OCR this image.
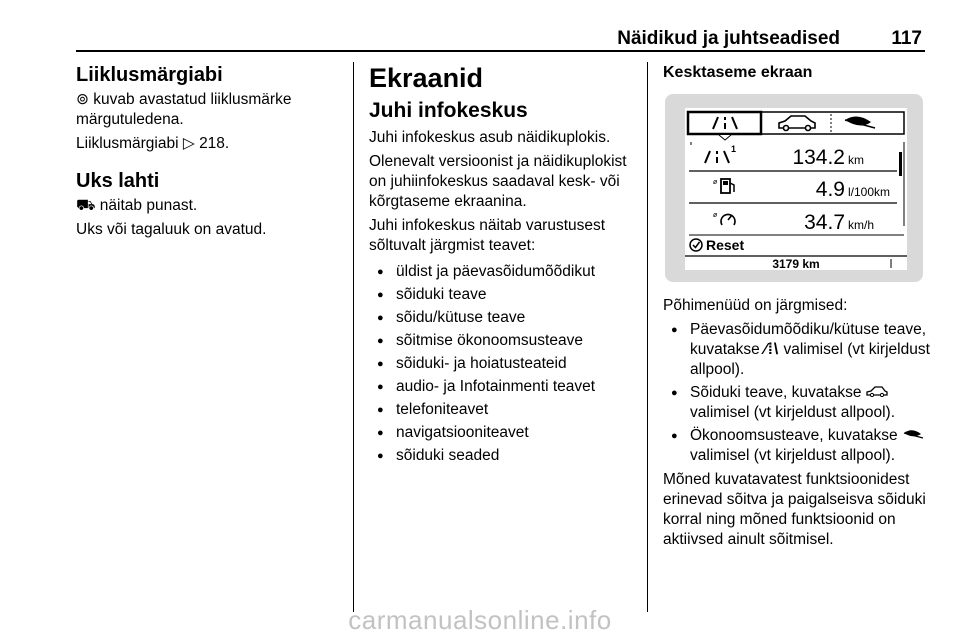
Näidikud ja juhtseadised	117
Liiklusmärgiabi

⊚ kuvab avastatud liiklusmärke märgutuledena.

Liiklusmärgiabi ▷ 218.

Uks lahti

⛟ näitab punast.

Uks või tagaluuk on avatud.

Ekraanid
Juhi infokeskus

Juhi infokeskus asub näidikuplokis.

Olenevalt versioonist ja näidikuplokist on juhiinfokeskus saadaval kesk- või kõrgtaseme ekraanina.

Juhi infokeskus näitab varustusest sõltuvalt järgmist teavet:

● üldist ja päevasõidumõõdikut
● sõiduki teave
● sõidu/kütuse teave
● sõitmise ökonoomsusteave
● sõiduki- ja hoiatusteateid
● audio- ja Infotainmenti teavet
● telefoniteavet
● navigatsiooniteavet
● sõiduki seaded
Kesktaseme ekraan
1	134.2 km
ø	4.9 l/100km
ø	34.7 km/h
Reset
3179 km

Põhimenüüd on järgmised:

● Päevasõidumõõdiku/kütuse teave, kuvatakse ⁄⁞\ valimisel (vt kirjeldust allpool).
● Sõiduki teave, kuvatakse  valimisel (vt kirjeldust allpool).
● Ökonoomsusteave, kuvatakse  valimisel (vt kirjeldust allpool).

Mõned kuvatavatest funktsioonidest erinevad sõitva ja paigalseisva sõiduki korral ning mõned funktsioonid on aktiivsed ainult sõitmisel.

carmanualsonline.info
